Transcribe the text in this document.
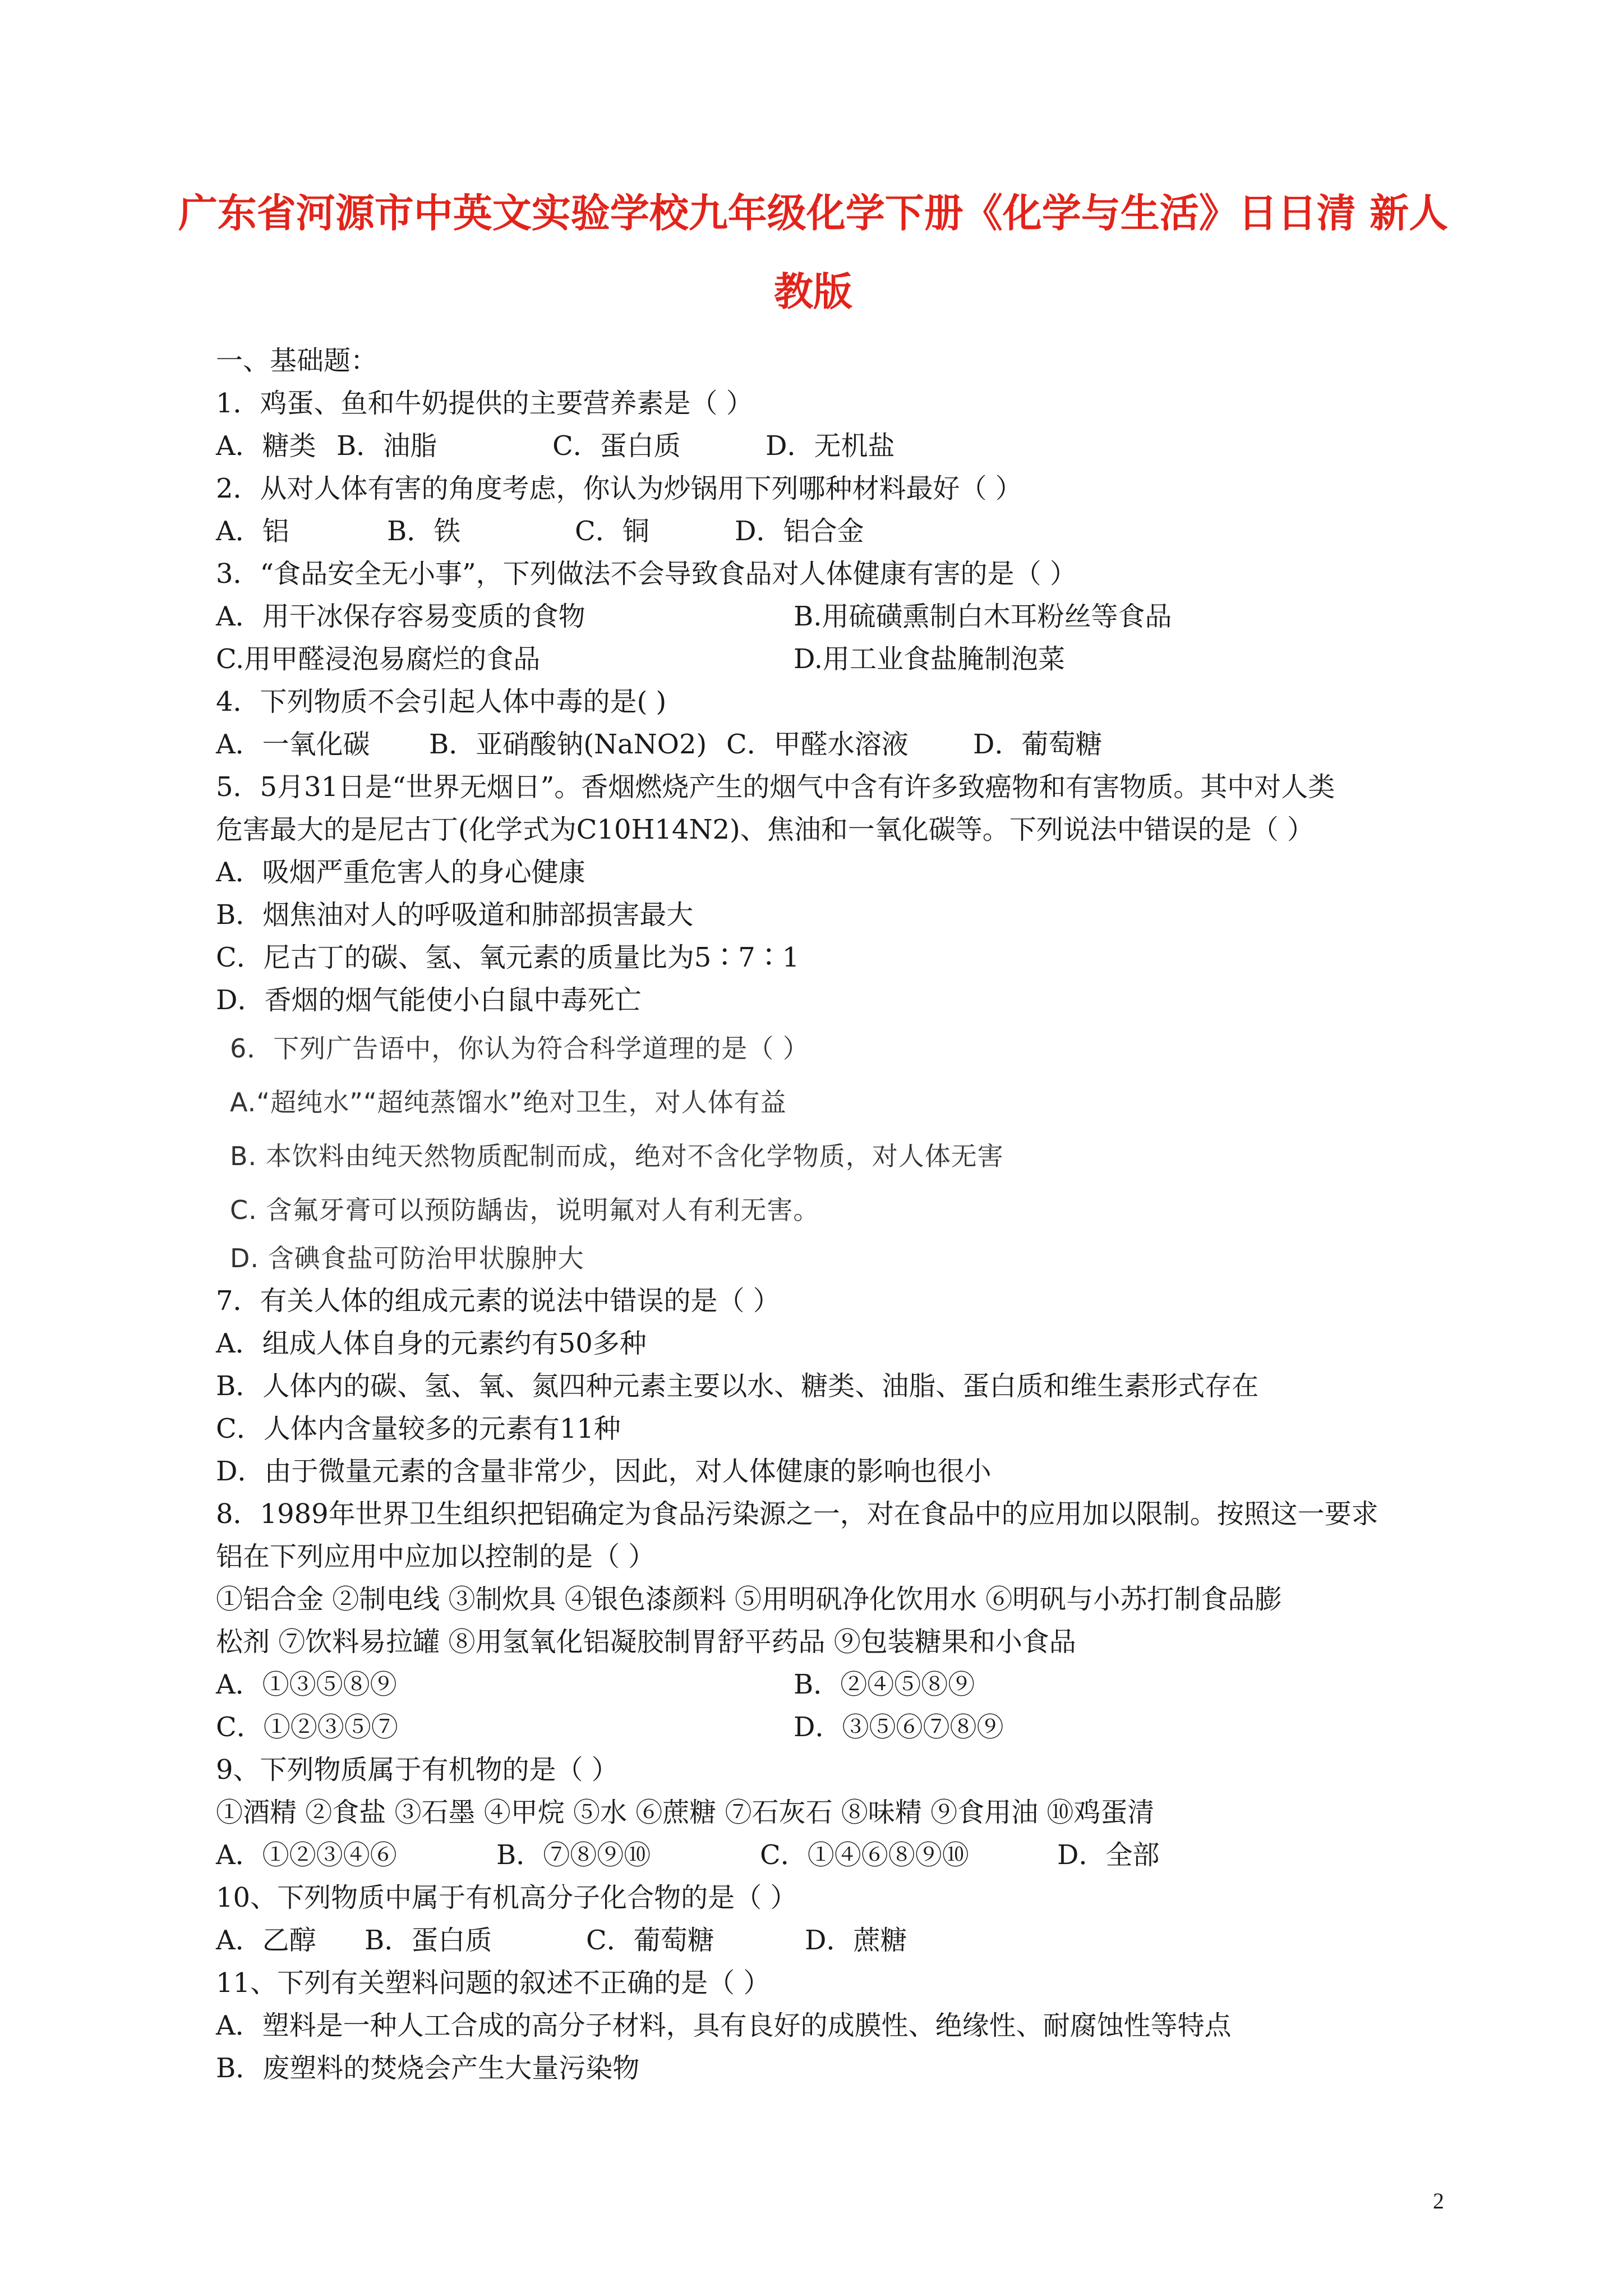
广东省河源市中英文实验学校九年级化学下册《化学与生活》日日清 新人
教版
一、基础题：
1．鸡蛋、鱼和牛奶提供的主要营养素是（ ）
A．糖类 B．油脂	C．蛋白质	D．无机盐
2．从对人体有害的角度考虑，你认为炒锅用下列哪种材料最好（ ）
A．铝	B．铁	C．铜	D．铝合金
3．“食品安全无小事”，下列做法不会导致食品对人体健康有害的是（ ）
A．用干冰保存容易变质的食物	B.用硫磺熏制白木耳粉丝等食品
C.用甲醛浸泡易腐烂的食品	D.用工业食盐腌制泡菜
4．下列物质不会引起人体中毒的是( )
A．一氧化碳 B．亚硝酸钠(NaNO2) C．甲醛水溶液 D．葡萄糖
5．5月31日是“世界无烟日”。香烟燃烧产生的烟气中含有许多致癌物和有害物质。其中对人类
危害最大的是尼古丁(化学式为C10H14N2)、焦油和一氧化碳等。下列说法中错误的是（ ）
A．吸烟严重危害人的身心健康
B．烟焦油对人的呼吸道和肺部损害最大
C．尼古丁的碳、氢、氧元素的质量比为5∶7∶1
D．香烟的烟气能使小白鼠中毒死亡
6．下列广告语中，你认为符合科学道理的是（ ）
A.“超纯水”“超纯蒸馏水”绝对卫生，对人体有益
B. 本饮料由纯天然物质配制而成，绝对不含化学物质，对人体无害
C. 含氟牙膏可以预防龋齿，说明氟对人有利无害。
D. 含碘食盐可防治甲状腺肿大
7．有关人体的组成元素的说法中错误的是（ ）
A．组成人体自身的元素约有50多种
B．人体内的碳、氢、氧、氮四种元素主要以水、糖类、油脂、蛋白质和维生素形式存在
C．人体内含量较多的元素有11种
D．由于微量元素的含量非常少，因此，对人体健康的影响也很小
8．1989年世界卫生组织把铝确定为食品污染源之一，对在食品中的应用加以限制。按照这一要求
铝在下列应用中应加以控制的是（ ）
①铝合金 ②制电线 ③制炊具 ④银色漆颜料 ⑤用明矾净化饮用水 ⑥明矾与小苏打制食品膨
松剂 ⑦饮料易拉罐 ⑧用氢氧化铝凝胶制胃舒平药品 ⑨包装糖果和小食品
A．①③⑤⑧⑨	B．②④⑤⑧⑨
C．①②③⑤⑦	D．③⑤⑥⑦⑧⑨
9、下列物质属于有机物的是（ ）
①酒精 ②食盐 ③石墨 ④甲烷 ⑤水 ⑥蔗糖 ⑦石灰石 ⑧味精 ⑨食用油 ⑩鸡蛋清
A．①②③④⑥	B．⑦⑧⑨⑩	C．①④⑥⑧⑨⑩	D．全部
10、下列物质中属于有机高分子化合物的是（ ）
A．乙醇 B．蛋白质	C．葡萄糖	D．蔗糖
11、下列有关塑料问题的叙述不正确的是（ ）
A．塑料是一种人工合成的高分子材料，具有良好的成膜性、绝缘性、耐腐蚀性等特点
B．废塑料的焚烧会产生大量污染物
2
